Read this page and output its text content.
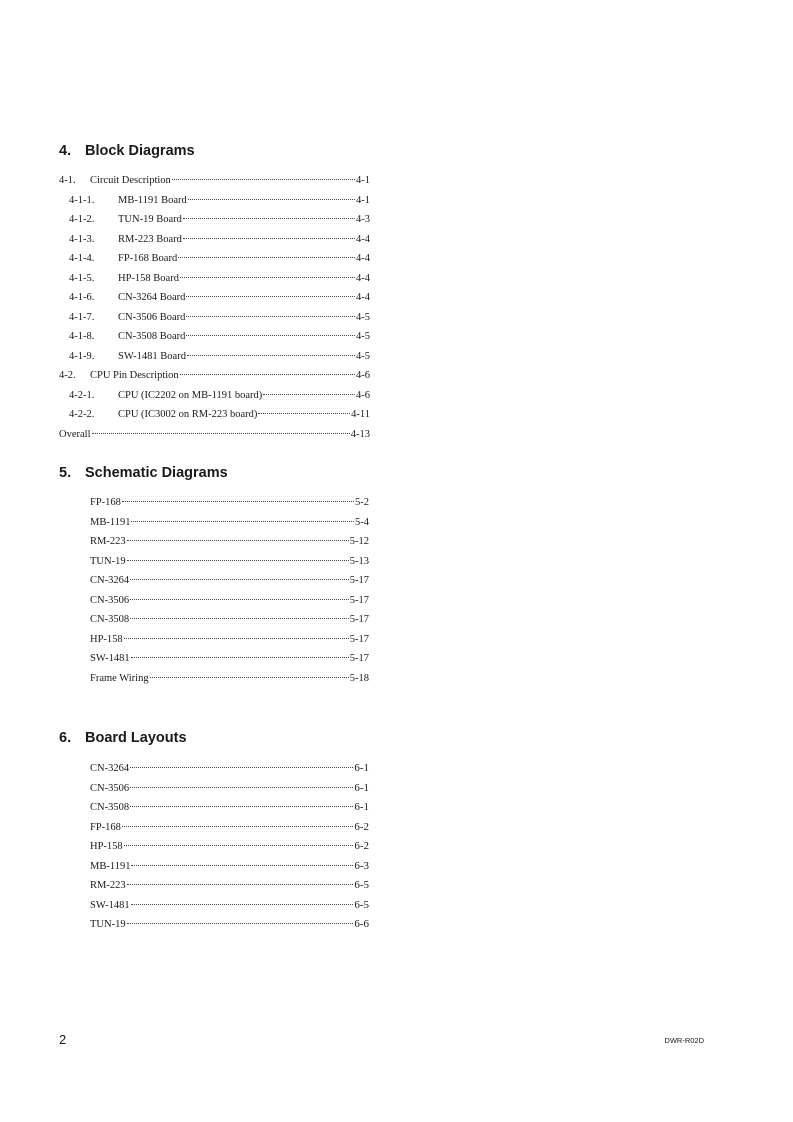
4. Block Diagrams
4-1. Circuit Description	4-1
4-1-1. MB-1191 Board	4-1
4-1-2. TUN-19 Board	4-3
4-1-3. RM-223 Board	4-4
4-1-4. FP-168 Board	4-4
4-1-5. HP-158 Board	4-4
4-1-6. CN-3264 Board	4-4
4-1-7. CN-3506 Board	4-5
4-1-8. CN-3508 Board	4-5
4-1-9. SW-1481 Board	4-5
4-2. CPU Pin Description	4-6
4-2-1. CPU (IC2202 on MB-1191 board)	4-6
4-2-2. CPU (IC3002 on RM-223 board)	4-11
Overall	4-13
5. Schematic Diagrams
FP-168	5-2
MB-1191	5-4
RM-223	5-12
TUN-19	5-13
CN-3264	5-17
CN-3506	5-17
CN-3508	5-17
HP-158	5-17
SW-1481	5-17
Frame Wiring	5-18
6. Board Layouts
CN-3264	6-1
CN-3506	6-1
CN-3508	6-1
FP-168	6-2
HP-158	6-2
MB-1191	6-3
RM-223	6-5
SW-1481	6-5
TUN-19	6-6
2	DWR-R02D
